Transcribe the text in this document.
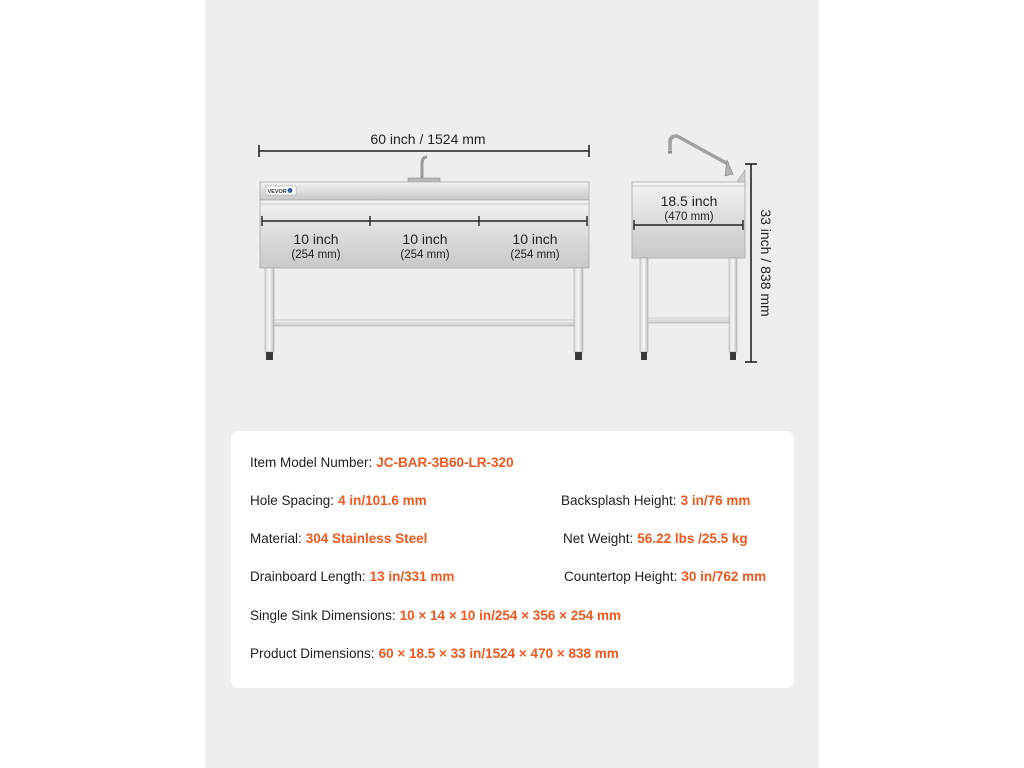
60 inch / 1524 mm
VEVOR
10 inch
(254 mm)
10 inch
(254 mm)
10 inch
(254 mm)
18.5 inch
(470 mm)	33 inch / 838 mm
Item Model Number: JC-BAR-3B60-LR-320
Hole Spacing: 4 in/101.6 mm	Backsplash Height: 3 in/76 mm
Material: 304 Stainless Steel	Net Weight: 56.22 lbs /25.5 kg
Drainboard Length: 13 in/331 mm	Countertop Height: 30 in/762 mm
Single Sink Dimensions: 10 × 14 × 10 in/254 × 356 × 254 mm
Product Dimensions: 60 × 18.5 × 33 in/1524 × 470 × 838 mm
